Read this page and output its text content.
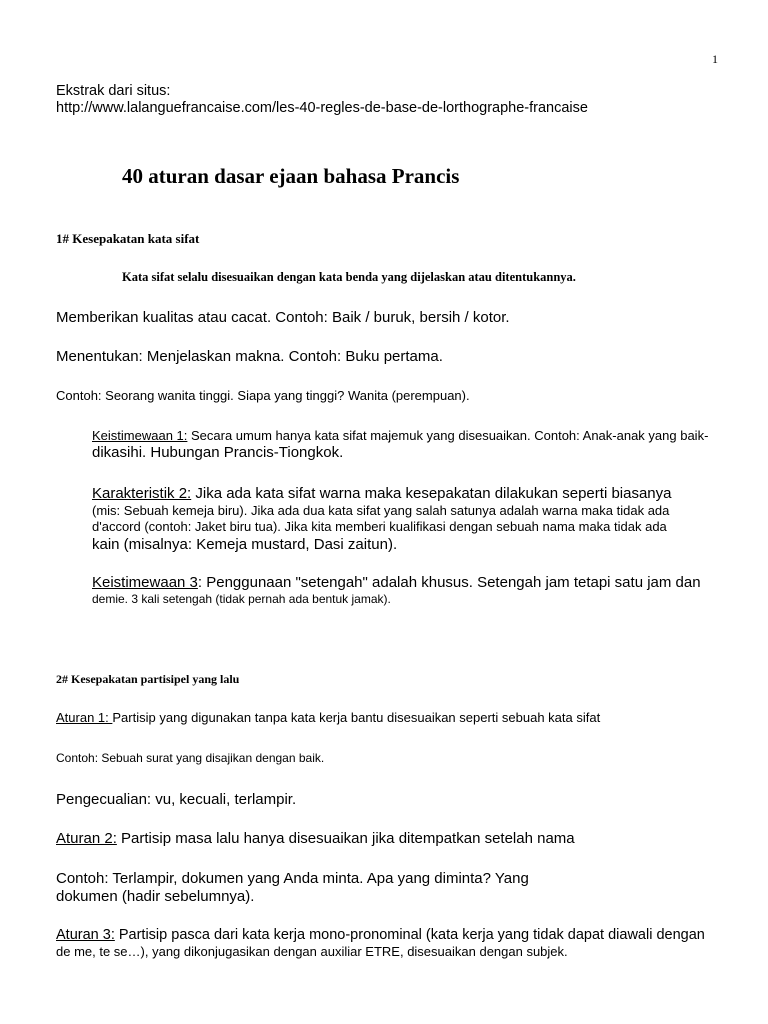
1

Ekstrak dari situs:
http://www.lalanguefrancaise.com/les-40-regles-de-base-de-lorthographe-francaise
40 aturan dasar ejaan bahasa Prancis
1# Kesepakatan kata sifat

Kata sifat selalu disesuaikan dengan kata benda yang dijelaskan atau ditentukannya.

Memberikan kualitas atau cacat. Contoh: Baik / buruk, bersih / kotor.

Menentukan: Menjelaskan makna. Contoh: Buku pertama.

Contoh: Seorang wanita tinggi. Siapa yang tinggi? Wanita (perempuan).

Keistimewaan 1: Secara umum hanya kata sifat majemuk yang disesuaikan. Contoh: Anak-anak yang baik-
dikasihi. Hubungan Prancis-Tiongkok.
Karakteristik 2: Jika ada kata sifat warna maka kesepakatan dilakukan seperti biasanya
(mis: Sebuah kemeja biru). Jika ada dua kata sifat yang salah satunya adalah warna maka tidak ada
d'accord (contoh: Jaket biru tua). Jika kita memberi kualifikasi dengan sebuah nama maka tidak ada
kain (misalnya: Kemeja mustard, Dasi zaitun).
Keistimewaan 3: Penggunaan "setengah" adalah khusus. Setengah jam tetapi satu jam dan
demie. 3 kali setengah (tidak pernah ada bentuk jamak).
2# Kesepakatan partisipel yang lalu

Aturan 1: Partisip yang digunakan tanpa kata kerja bantu disesuaikan seperti sebuah kata sifat

Contoh: Sebuah surat yang disajikan dengan baik.

Pengecualian: vu, kecuali, terlampir.

Aturan 2: Partisip masa lalu hanya disesuaikan jika ditempatkan setelah nama

Contoh: Terlampir, dokumen yang Anda minta. Apa yang diminta? Yang
dokumen (hadir sebelumnya).
Aturan 3: Partisip pasca dari kata kerja mono-pronominal (kata kerja yang tidak dapat diawali dengan
de me, te se…), yang dikonjugasikan dengan auxiliar ETRE, disesuaikan dengan subjek.
